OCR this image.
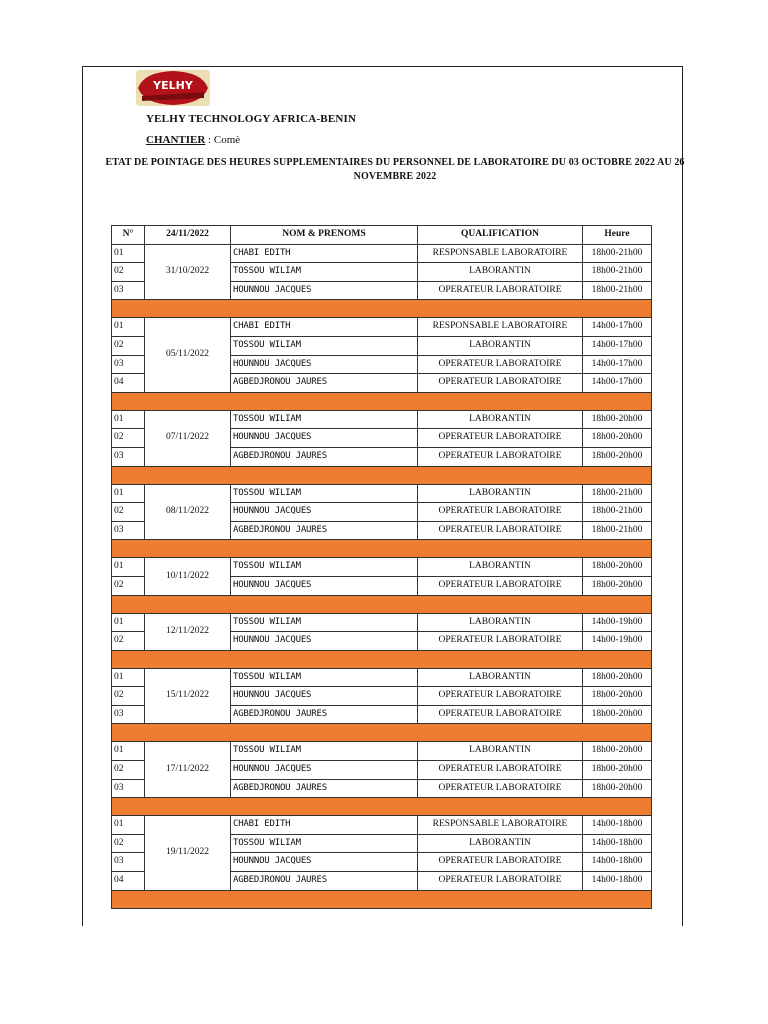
YELHY
YELHY TECHNOLOGY AFRICA-BENIN
CHANTIER : Comè
ETAT DE POINTAGE DES HEURES SUPPLEMENTAIRES DU PERSONNEL DE LABORATOIRE DU 03 OCTOBRE 2022 AU 26 NOVEMBRE 2022
N°	24/11/2022	NOM & PRENOMS	QUALIFICATION	Heure
01	31/10/2022	CHABI EDITH	RESPONSABLE LABORATOIRE	18h00-21h00
02		TOSSOU WILIAM	LABORANTIN	18h00-21h00
03		HOUNNOU JACQUES	OPERATEUR LABORATOIRE	18h00-21h00

01	05/11/2022	CHABI EDITH	RESPONSABLE LABORATOIRE	14h00-17h00
02		TOSSOU WILIAM	LABORANTIN	14h00-17h00
03		HOUNNOU JACQUES	OPERATEUR LABORATOIRE	14h00-17h00
04		AGBEDJRONOU JAURES	OPERATEUR LABORATOIRE	14h00-17h00

01	07/11/2022	TOSSOU WILIAM	LABORANTIN	18h00-20h00
02		HOUNNOU JACQUES	OPERATEUR LABORATOIRE	18h00-20h00
03		AGBEDJRONOU JAURES	OPERATEUR LABORATOIRE	18h00-20h00

01	08/11/2022	TOSSOU WILIAM	LABORANTIN	18h00-21h00
02		HOUNNOU JACQUES	OPERATEUR LABORATOIRE	18h00-21h00
03		AGBEDJRONOU JAURES	OPERATEUR LABORATOIRE	18h00-21h00

01	10/11/2022	TOSSOU WILIAM	LABORANTIN	18h00-20h00
02		HOUNNOU JACQUES	OPERATEUR LABORATOIRE	18h00-20h00

01	12/11/2022	TOSSOU WILIAM	LABORANTIN	14h00-19h00
02		HOUNNOU JACQUES	OPERATEUR LABORATOIRE	14h00-19h00

01	15/11/2022	TOSSOU WILIAM	LABORANTIN	18h00-20h00
02		HOUNNOU JACQUES	OPERATEUR LABORATOIRE	18h00-20h00
03		AGBEDJRONOU JAURES	OPERATEUR LABORATOIRE	18h00-20h00

01	17/11/2022	TOSSOU WILIAM	LABORANTIN	18h00-20h00
02		HOUNNOU JACQUES	OPERATEUR LABORATOIRE	18h00-20h00
03		AGBEDJRONOU JAURES	OPERATEUR LABORATOIRE	18h00-20h00

01	19/11/2022	CHABI EDITH	RESPONSABLE LABORATOIRE	14h00-18h00
02		TOSSOU WILIAM	LABORANTIN	14h00-18h00
03		HOUNNOU JACQUES	OPERATEUR LABORATOIRE	14h00-18h00
04		AGBEDJRONOU JAURES	OPERATEUR LABORATOIRE	14h00-18h00
